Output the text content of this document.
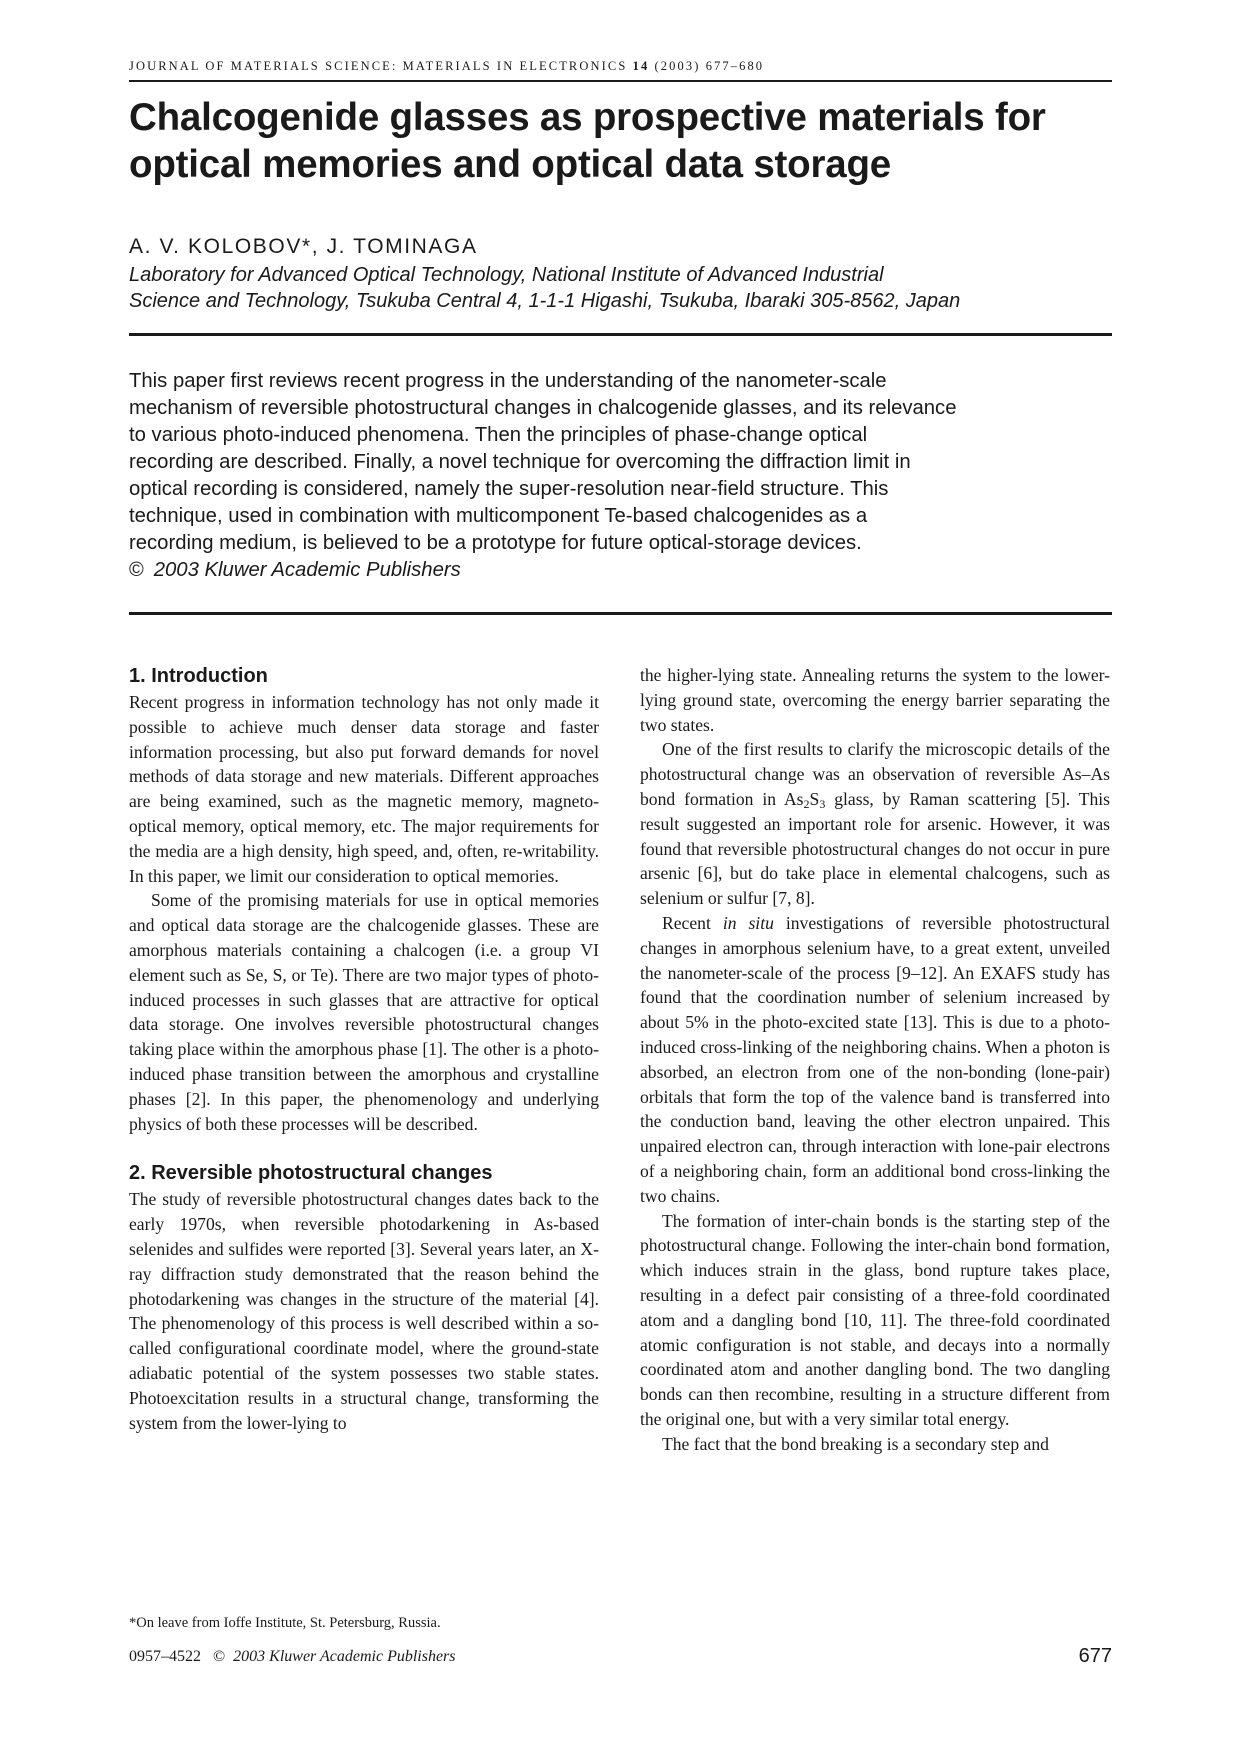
JOURNAL OF MATERIALS SCIENCE: MATERIALS IN ELECTRONICS 14 (2003) 677–680
Chalcogenide glasses as prospective materials for
optical memories and optical data storage
A. V. KOLOBOV*, J. TOMINAGA
Laboratory for Advanced Optical Technology, National Institute of Advanced Industrial
Science and Technology, Tsukuba Central 4, 1-1-1 Higashi, Tsukuba, Ibaraki 305-8562, Japan
This paper first reviews recent progress in the understanding of the nanometer-scale
mechanism of reversible photostructural changes in chalcogenide glasses, and its relevance
to various photo-induced phenomena. Then the principles of phase-change optical
recording are described. Finally, a novel technique for overcoming the diffraction limit in
optical recording is considered, namely the super-resolution near-field structure. This
technique, used in combination with multicomponent Te-based chalcogenides as a
recording medium, is believed to be a prototype for future optical-storage devices.
© 2003 Kluwer Academic Publishers
1. Introduction

Recent progress in information technology has not only made it possible to achieve much denser data storage and faster information processing, but also put forward demands for novel methods of data storage and new materials. Different approaches are being examined, such as the magnetic memory, magneto-optical memory, optical memory, etc. The major requirements for the media are a high density, high speed, and, often, re-writability. In this paper, we limit our consideration to optical memories.

Some of the promising materials for use in optical memories and optical data storage are the chalcogenide glasses. These are amorphous materials containing a chalcogen (i.e. a group VI element such as Se, S, or Te). There are two major types of photo-induced processes in such glasses that are attractive for optical data storage. One involves reversible photostructural changes taking place within the amorphous phase [1]. The other is a photo-induced phase transition between the amorphous and crystalline phases [2]. In this paper, the phenomenology and underlying physics of both these processes will be described.

2. Reversible photostructural changes

The study of reversible photostructural changes dates back to the early 1970s, when reversible photodarkening in As-based selenides and sulfides were reported [3]. Several years later, an X-ray diffraction study demonstrated that the reason behind the photodarkening was changes in the structure of the material [4]. The phenomenology of this process is well described within a so-called configurational coordinate model, where the ground-state adiabatic potential of the system possesses two stable states. Photoexcitation results in a structural change, transforming the system from the lower-lying to

the higher-lying state. Annealing returns the system to the lower-lying ground state, overcoming the energy barrier separating the two states.

One of the first results to clarify the microscopic details of the photostructural change was an observation of reversible As–As bond formation in $As_2S_3$ glass, by Raman scattering [5]. This result suggested an important role for arsenic. However, it was found that reversible photostructural changes do not occur in pure arsenic [6], but do take place in elemental chalcogens, such as selenium or sulfur [7, 8].

Recent in situ investigations of reversible photostructural changes in amorphous selenium have, to a great extent, unveiled the nanometer-scale of the process [9–12]. An EXAFS study has found that the coordination number of selenium increased by about 5% in the photo-excited state [13]. This is due to a photo-induced cross-linking of the neighboring chains. When a photon is absorbed, an electron from one of the non-bonding (lone-pair) orbitals that form the top of the valence band is transferred into the conduction band, leaving the other electron unpaired. This unpaired electron can, through interaction with lone-pair electrons of a neighboring chain, form an additional bond cross-linking the two chains.

The formation of inter-chain bonds is the starting step of the photostructural change. Following the inter-chain bond formation, which induces strain in the glass, bond rupture takes place, resulting in a defect pair consisting of a three-fold coordinated atom and a dangling bond [10, 11]. The three-fold coordinated atomic configuration is not stable, and decays into a normally coordinated atom and another dangling bond. The two dangling bonds can then recombine, resulting in a structure different from the original one, but with a very similar total energy.

The fact that the bond breaking is a secondary step and

*On leave from Ioffe Institute, St. Petersburg, Russia.
0957–4522 © 2003 Kluwer Academic Publishers	677
